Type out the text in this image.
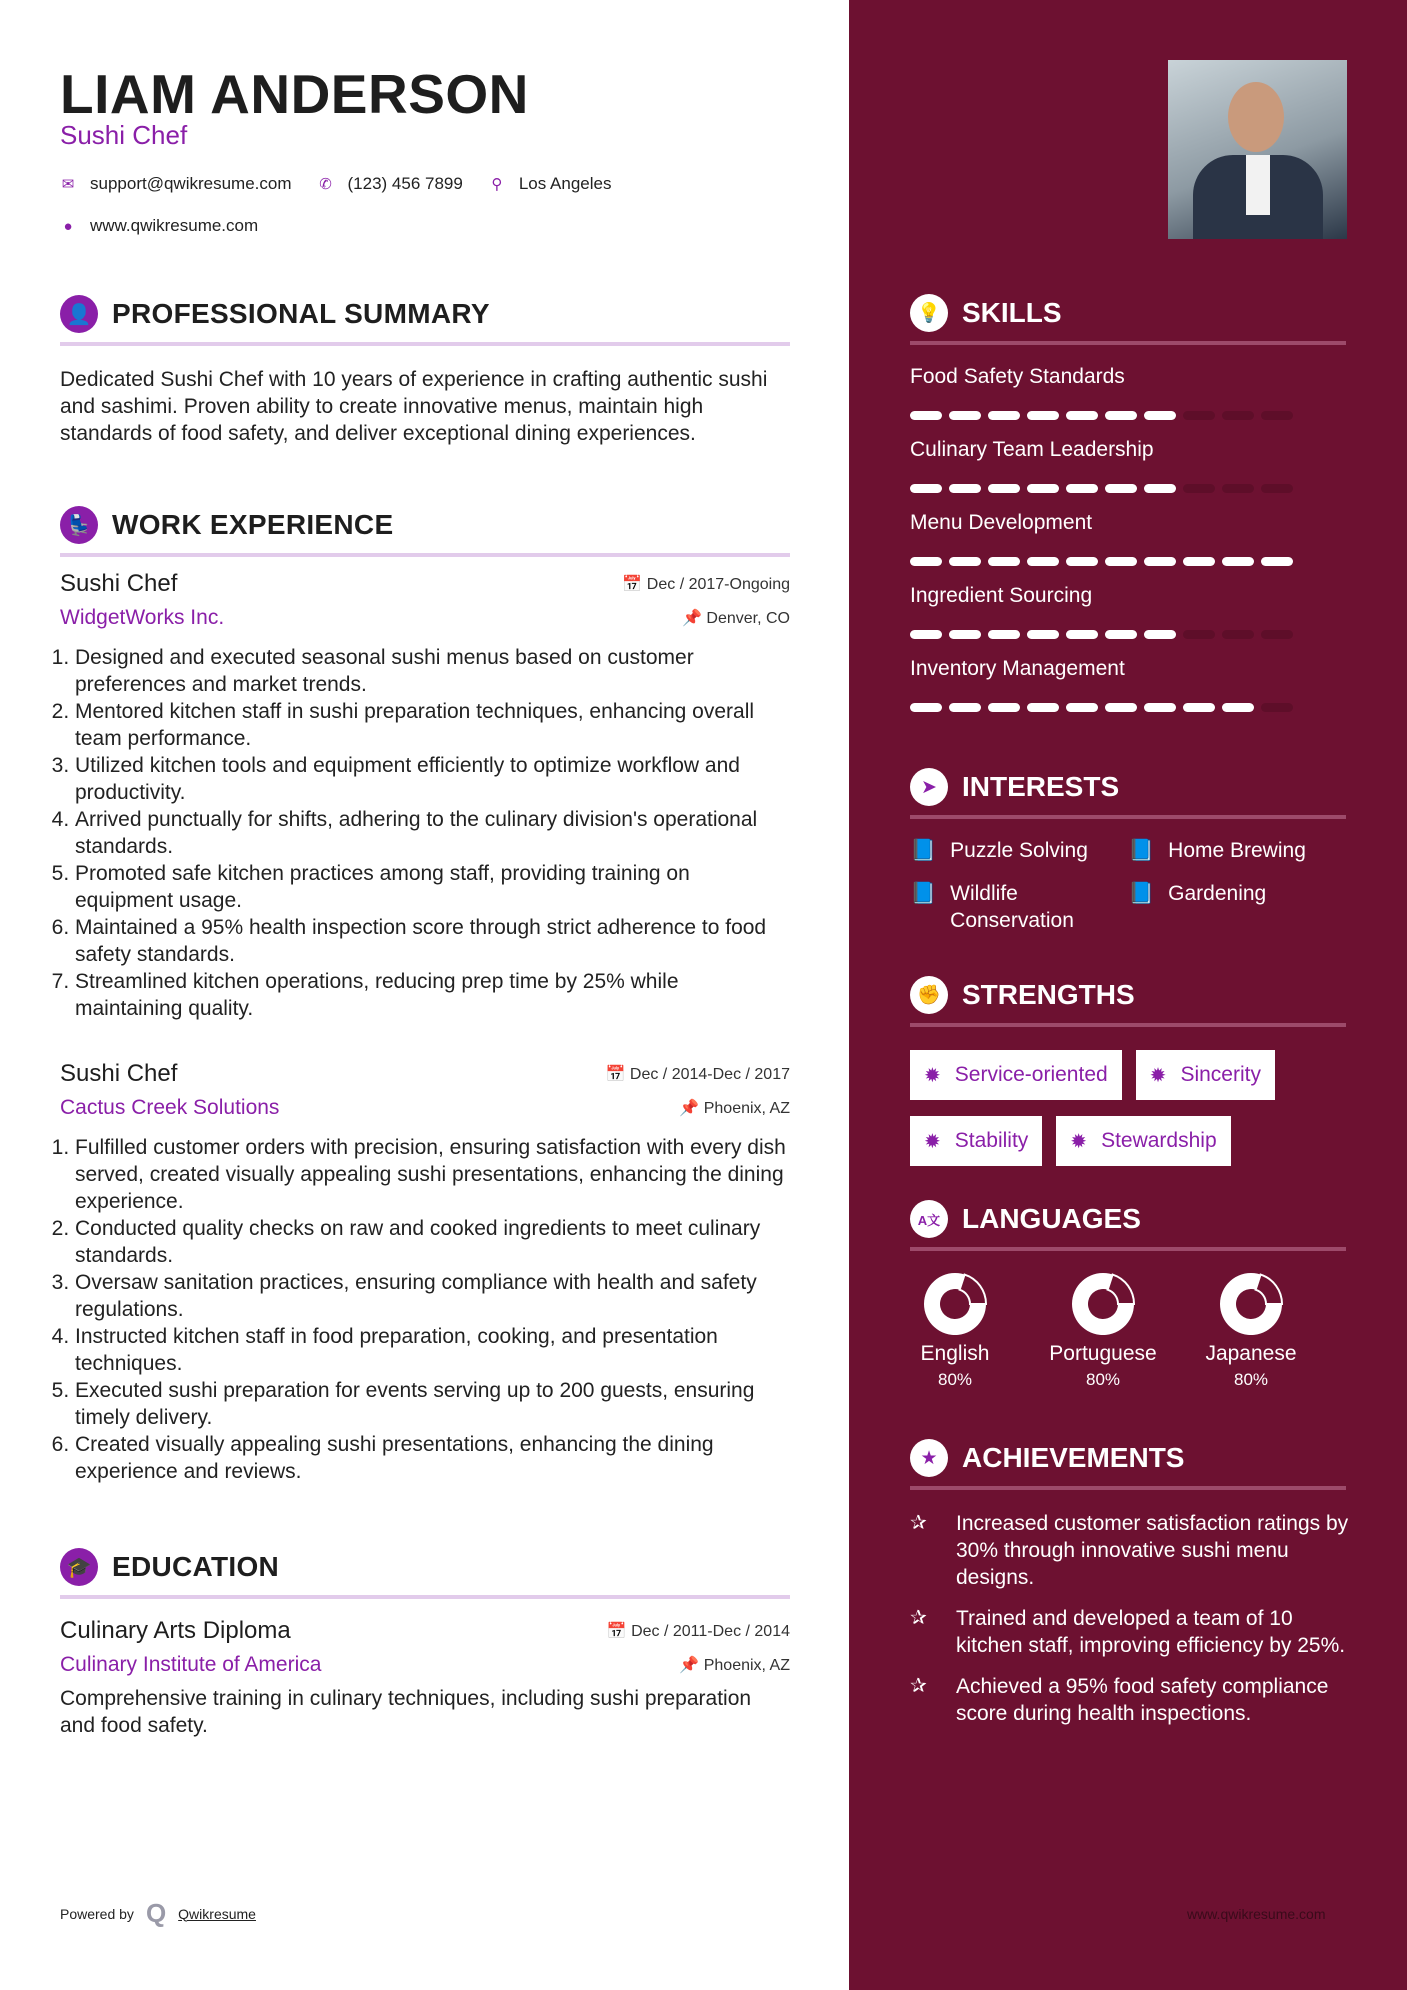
LIAM ANDERSON
Sushi Chef
✉ support@qwikresume.com ✆ (123) 456 7899	⚲ Los Angeles
●	www.qwikresume.com
👤 PROFESSIONAL SUMMARY

Dedicated Sushi Chef with 10 years of experience in crafting authentic sushi and sashimi. Proven ability to create innovative menus, maintain high standards of food safety, and deliver exceptional dining experiences.

💺 WORK EXPERIENCE
Sushi Chef	📅 Dec / 2017-Ongoing
WidgetWorks Inc.	📌 Denver, CO
1. Designed and executed seasonal sushi menus based on customer preferences and market trends.
2. Mentored kitchen staff in sushi preparation techniques, enhancing overall team performance.
3. Utilized kitchen tools and equipment efficiently to optimize workflow and productivity.
4. Arrived punctually for shifts, adhering to the culinary division's operational standards.
5. Promoted safe kitchen practices among staff, providing training on equipment usage.
6. Maintained a 95% health inspection score through strict adherence to food safety standards.
7. Streamlined kitchen operations, reducing prep time by 25% while maintaining quality.
Sushi Chef	📅 Dec / 2014-Dec / 2017
Cactus Creek Solutions	📌 Phoenix, AZ
1. Fulfilled customer orders with precision, ensuring satisfaction with every dish served, created visually appealing sushi presentations, enhancing the dining experience.
2. Conducted quality checks on raw and cooked ingredients to meet culinary standards.
3. Oversaw sanitation practices, ensuring compliance with health and safety regulations.
4. Instructed kitchen staff in food preparation, cooking, and presentation techniques.
5. Executed sushi preparation for events serving up to 200 guests, ensuring timely delivery.
6. Created visually appealing sushi presentations, enhancing the dining experience and reviews.
🎓 EDUCATION
Culinary Arts Diploma	📅 Dec / 2011-Dec / 2014
Culinary Institute of America	📌 Phoenix, AZ

Comprehensive training in culinary techniques, including sushi preparation and food safety.

Powered by Q Qwikresume
💡 SKILLS
Food Safety Standards
Culinary Team Leadership
Menu Development
Ingredient Sourcing
Inventory Management
➤ INTERESTS
📘 Puzzle Solving 📘 Home Brewing
📘 Wildlife Conservation
📘 Gardening
✊ STRENGTHS
✹ Service-oriented ✹ Sincerity
✹ Stability ✹ Stewardship
A文 LANGUAGES
English
80%
Portuguese
80%
Japanese
80%
★ ACHIEVEMENTS
✰	Increased customer satisfaction ratings by 30% through innovative sushi menu designs.
✰	Trained and developed a team of 10 kitchen staff, improving efficiency by 25%.
✰	Achieved a 95% food safety compliance score during health inspections.
www.qwikresume.com
